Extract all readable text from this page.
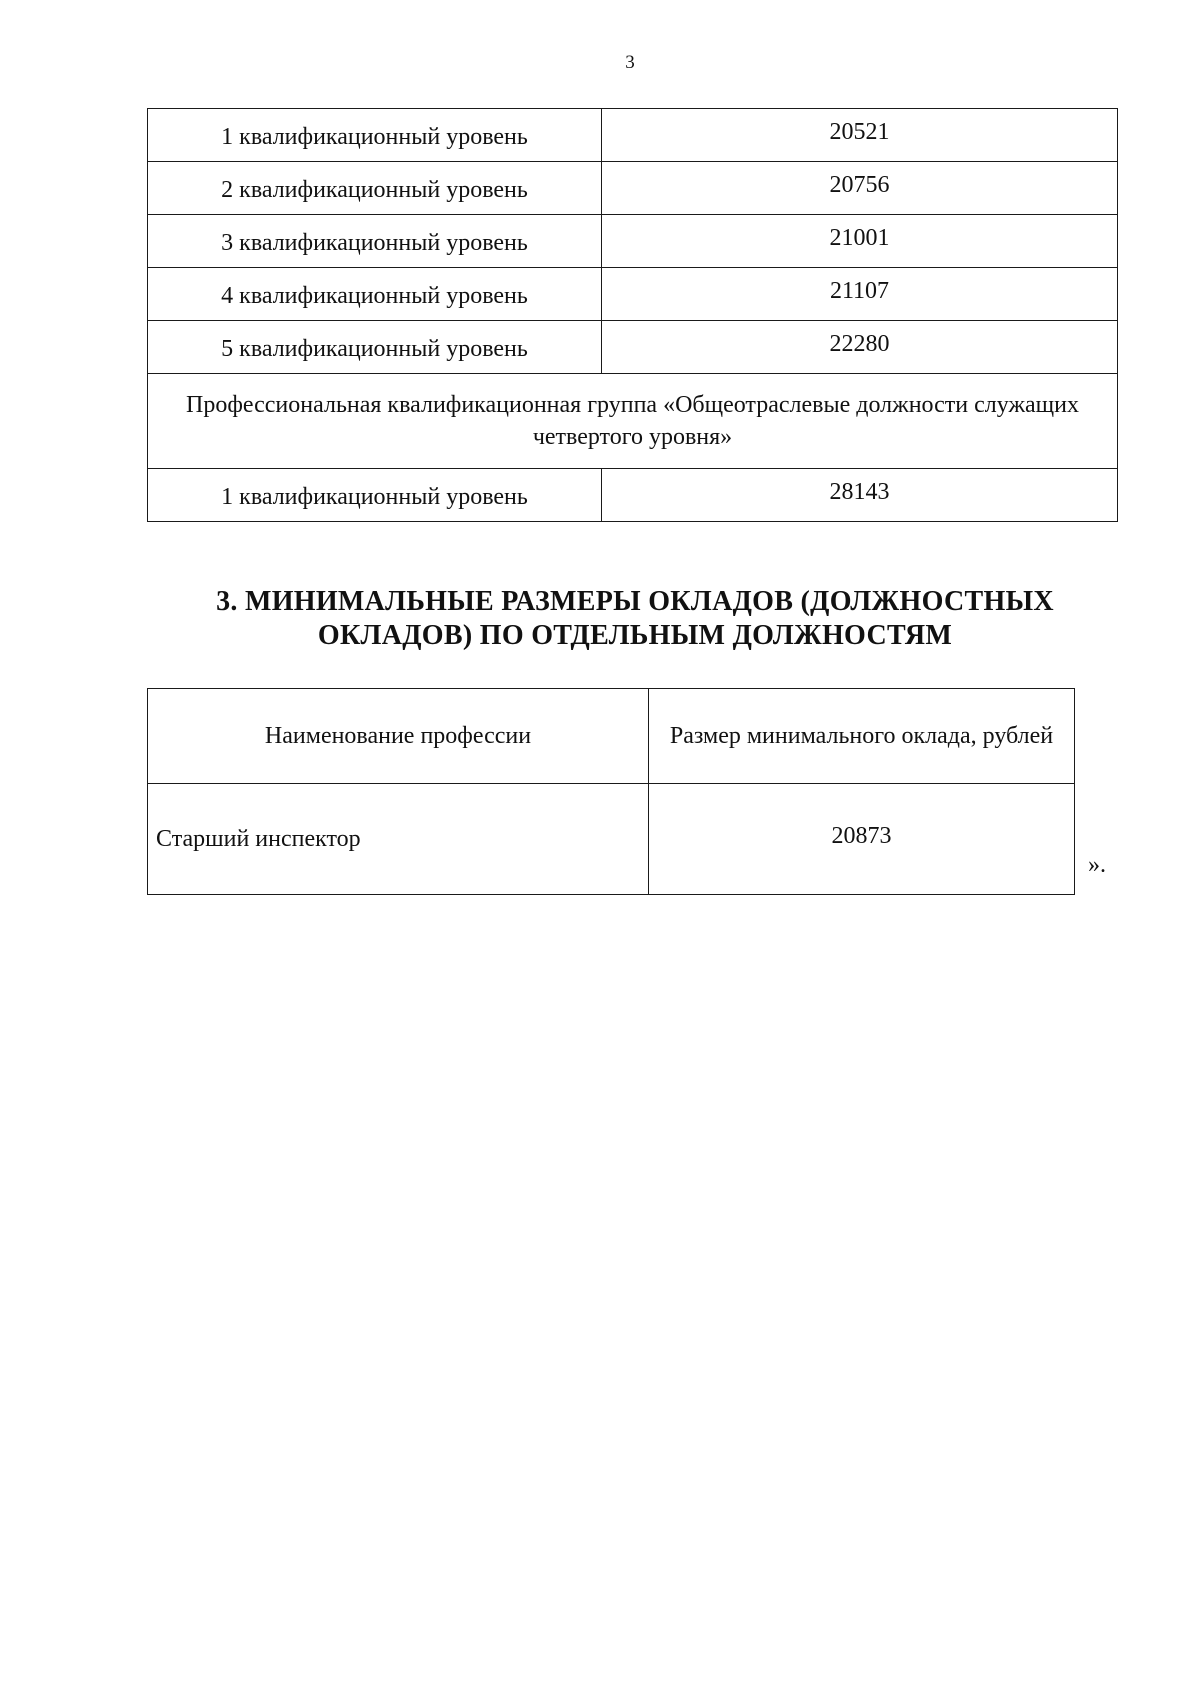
3
1 квалификационный уровень	20521
2 квалификационный уровень	20756
3 квалификационный уровень	21001
4 квалификационный уровень	21107
5 квалификационный уровень	22280
Профессиональная квалификационная группа «Общеотраслевые должности служащих четвертого уровня»	
1 квалификационный уровень	28143
3. МИНИМАЛЬНЫЕ РАЗМЕРЫ ОКЛАДОВ (ДОЛЖНОСТНЫХ
ОКЛАДОВ) ПО ОТДЕЛЬНЫМ ДОЛЖНОСТЯМ
Наименование профессии	Размер минимального оклада, рублей
Старший инспектор	20873
».
